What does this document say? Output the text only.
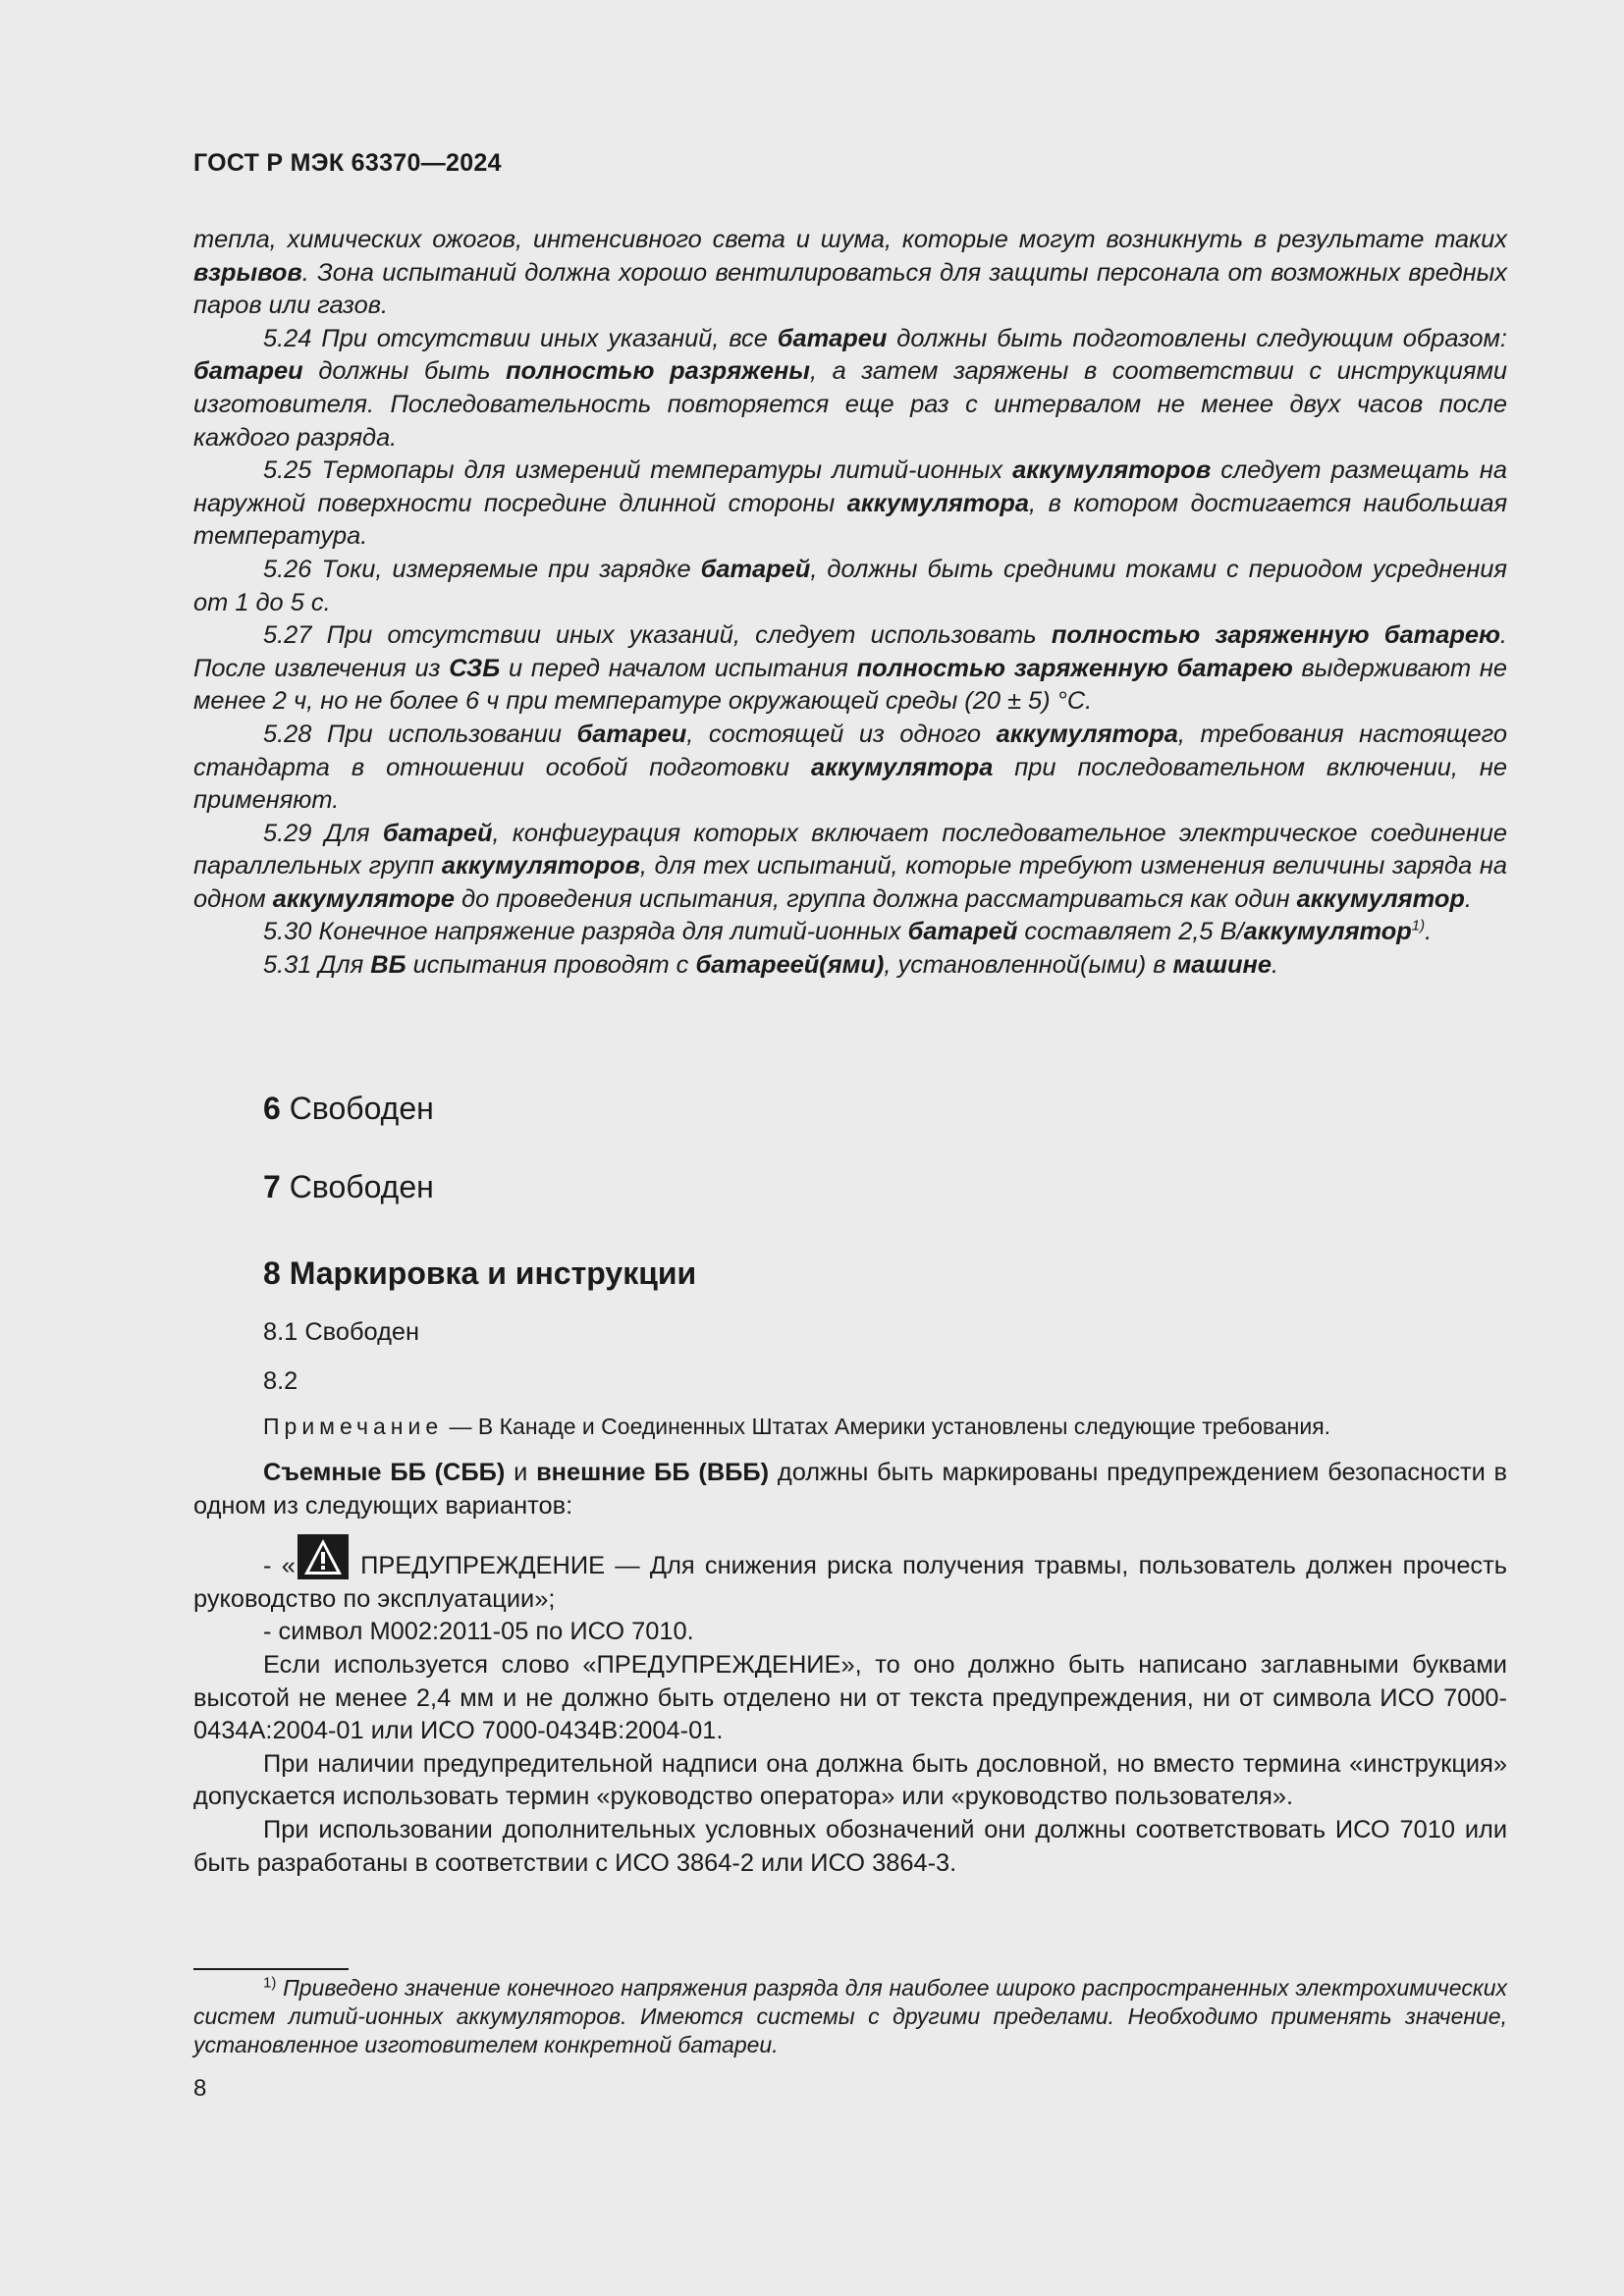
ГОСТ Р МЭК 63370—2024

тепла, химических ожогов, интенсивного света и шума, которые могут возникнуть в результате таких взрывов. Зона испытаний должна хорошо вентилироваться для защиты персонала от возможных вредных паров или газов.

5.24 При отсутствии иных указаний, все батареи должны быть подготовлены следующим образом: батареи должны быть полностью разряжены, а затем заряжены в соответствии с инструкциями изготовителя. Последовательность повторяется еще раз с интервалом не менее двух часов после каждого разряда.

5.25 Термопары для измерений температуры литий-ионных аккумуляторов следует размещать на наружной поверхности посредине длинной стороны аккумулятора, в котором достигается наибольшая температура.

5.26 Токи, измеряемые при зарядке батарей, должны быть средними токами с периодом усреднения от 1 до 5 с.

5.27 При отсутствии иных указаний, следует использовать полностью заряженную батарею. После извлечения из СЗБ и перед началом испытания полностью заряженную батарею выдерживают не менее 2 ч, но не более 6 ч при температуре окружающей среды (20 ± 5) °С.

5.28 При использовании батареи, состоящей из одного аккумулятора, требования настоящего стандарта в отношении особой подготовки аккумулятора при последовательном включении, не применяют.

5.29 Для батарей, конфигурация которых включает последовательное электрическое соединение параллельных групп аккумуляторов, для тех испытаний, которые требуют изменения величины заряда на одном аккумуляторе до проведения испытания, группа должна рассматриваться как один аккумулятор.

5.30 Конечное напряжение разряда для литий-ионных батарей составляет 2,5 В/аккумулятор$^{1)}$.

5.31 Для ВБ испытания проводят с батареей(ями), установленной(ыми) в машине.

6 Свободен
7 Свободен
8 Маркировка и инструкции
8.1 Свободен
8.2
Примечание — В Канаде и Соединенных Штатах Америки установлены следующие требования.

Съемные ББ (СББ) и внешние ББ (ВББ) должны быть маркированы предупреждением безопасности в одном из следующих вариантов:

- «
ПРЕДУПРЕЖДЕНИЕ — Для снижения риска получения травмы, пользователь должен прочесть руководство по эксплуатации»;

- символ М002:2011-05 по ИСО 7010.

Если используется слово «ПРЕДУПРЕЖДЕНИЕ», то оно должно быть написано заглавными буквами высотой не менее 2,4 мм и не должно быть отделено ни от текста предупреждения, ни от символа ИСО 7000-0434A:2004-01 или ИСО 7000-0434B:2004-01.

При наличии предупредительной надписи она должна быть дословной, но вместо термина «инструкция» допускается использовать термин «руководство оператора» или «руководство пользователя».

При использовании дополнительных условных обозначений они должны соответствовать ИСО 7010 или быть разработаны в соответствии с ИСО 3864-2 или ИСО 3864-3.

$^{1)}$ Приведено значение конечного напряжения разряда для наиболее широко распространенных электрохимических систем литий-ионных аккумуляторов. Имеются системы с другими пределами. Необходимо применять значение, установленное изготовителем конкретной батареи.

8
